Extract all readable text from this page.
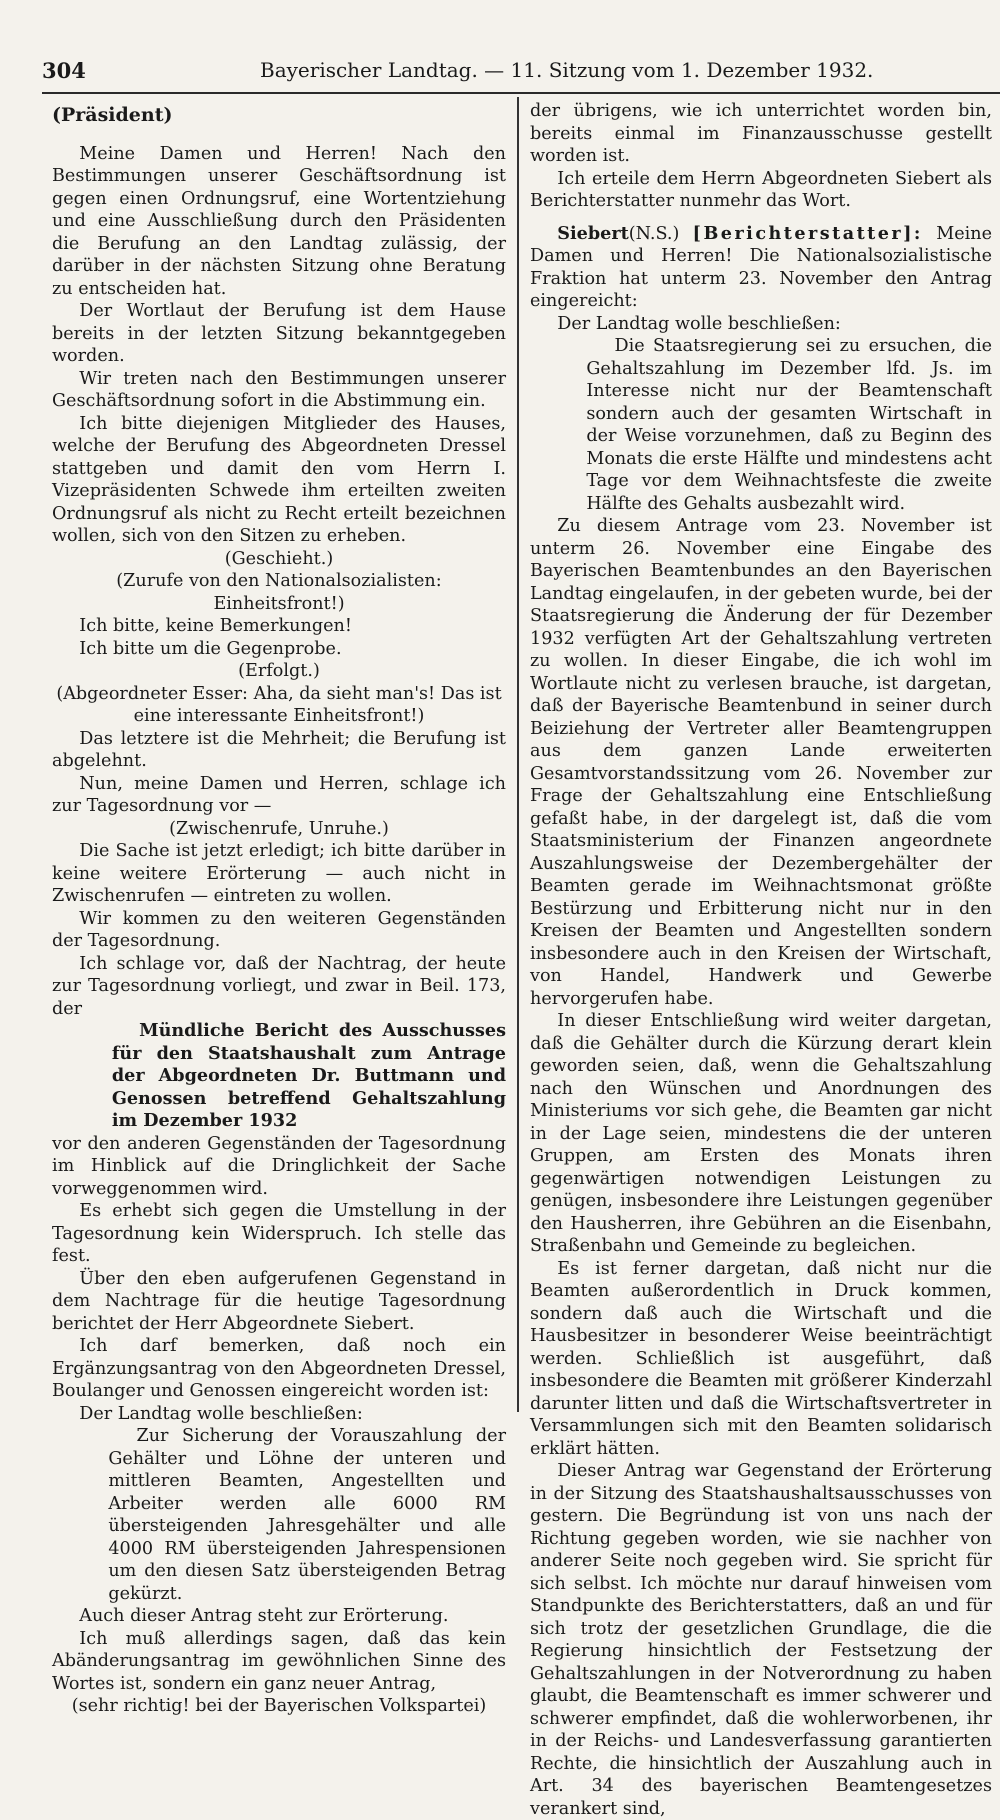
304	Bayerischer Landtag. — 11. Sitzung vom 1. Dezember 1932.

(Präsident)

Meine Damen und Herren! Nach den Bestimmungen unserer Geschäftsordnung ist gegen einen Ordnungsruf, eine Wortentziehung und eine Ausschließung durch den Präsidenten die Berufung an den Landtag zulässig, der darüber in der nächsten Sitzung ohne Beratung zu entscheiden hat.

Der Wortlaut der Berufung ist dem Hause bereits in der letzten Sitzung bekanntgegeben worden.

Wir treten nach den Bestimmungen unserer Geschäftsordnung sofort in die Abstimmung ein.

Ich bitte diejenigen Mitglieder des Hauses, welche der Berufung des Abgeordneten Dressel stattgeben und damit den vom Herrn I. Vizepräsidenten Schwede ihm erteilten zweiten Ordnungsruf als nicht zu Recht erteilt bezeichnen wollen, sich von den Sitzen zu erheben.

(Geschieht.)

(Zurufe von den Nationalsozialisten: Einheitsfront!)

Ich bitte, keine Bemerkungen!

Ich bitte um die Gegenprobe.

(Erfolgt.)

(Abgeordneter Esser: Aha, da sieht man's! Das ist eine interessante Einheitsfront!)

Das letztere ist die Mehrheit; die Berufung ist abgelehnt.

Nun, meine Damen und Herren, schlage ich zur Tagesordnung vor —

(Zwischenrufe, Unruhe.)

Die Sache ist jetzt erledigt; ich bitte darüber in keine weitere Erörterung — auch nicht in Zwischenrufen — eintreten zu wollen.

Wir kommen zu den weiteren Gegenständen der Tagesordnung.

Ich schlage vor, daß der Nachtrag, der heute zur Tagesordnung vorliegt, und zwar in Beil. 173, der

Mündliche Bericht des Ausschusses für den Staatshaushalt zum Antrage der Abgeordneten Dr. Buttmann und Genossen betreffend Gehaltszahlung im Dezember 1932

vor den anderen Gegenständen der Tagesordnung im Hinblick auf die Dringlichkeit der Sache vorweggenommen wird.

Es erhebt sich gegen die Umstellung in der Tagesordnung kein Widerspruch. Ich stelle das fest.

Über den eben aufgerufenen Gegenstand in dem Nachtrage für die heutige Tagesordnung berichtet der Herr Abgeordnete Siebert.

Ich darf bemerken, daß noch ein Ergänzungsantrag von den Abgeordneten Dressel, Boulanger und Genossen eingereicht worden ist:

Der Landtag wolle beschließen:

Zur Sicherung der Vorauszahlung der Gehälter und Löhne der unteren und mittleren Beamten, Angestellten und Arbeiter werden alle 6000 RM übersteigenden Jahresgehälter und alle 4000 RM übersteigenden Jahrespensionen um den diesen Satz übersteigenden Betrag gekürzt.

Auch dieser Antrag steht zur Erörterung.

Ich muß allerdings sagen, daß das kein Abänderungsantrag im gewöhnlichen Sinne des Wortes ist, sondern ein ganz neuer Antrag,

(sehr richtig! bei der Bayerischen Volkspartei)

der übrigens, wie ich unterrichtet worden bin, bereits einmal im Finanzausschusse gestellt worden ist.

Ich erteile dem Herrn Abgeordneten Siebert als Berichterstatter nunmehr das Wort.

Siebert(N.S.) [Berichterstatter]: Meine Damen und Herren! Die Nationalsozialistische Fraktion hat unterm 23. November den Antrag eingereicht:

Der Landtag wolle beschließen:

Die Staatsregierung sei zu ersuchen, die Gehaltszahlung im Dezember lfd. Js. im Interesse nicht nur der Beamtenschaft sondern auch der gesamten Wirtschaft in der Weise vorzunehmen, daß zu Beginn des Monats die erste Hälfte und mindestens acht Tage vor dem Weihnachtsfeste die zweite Hälfte des Gehalts ausbezahlt wird.

Zu diesem Antrage vom 23. November ist unterm 26. November eine Eingabe des Bayerischen Beamtenbundes an den Bayerischen Landtag eingelaufen, in der gebeten wurde, bei der Staatsregierung die Änderung der für Dezember 1932 verfügten Art der Gehaltszahlung vertreten zu wollen. In dieser Eingabe, die ich wohl im Wortlaute nicht zu verlesen brauche, ist dargetan, daß der Bayerische Beamtenbund in seiner durch Beiziehung der Vertreter aller Beamtengruppen aus dem ganzen Lande erweiterten Gesamtvorstandssitzung vom 26. November zur Frage der Gehaltszahlung eine Entschließung gefaßt habe, in der dargelegt ist, daß die vom Staatsministerium der Finanzen angeordnete Auszahlungsweise der Dezembergehälter der Beamten gerade im Weihnachtsmonat größte Bestürzung und Erbitterung nicht nur in den Kreisen der Beamten und Angestellten sondern insbesondere auch in den Kreisen der Wirtschaft, von Handel, Handwerk und Gewerbe hervorgerufen habe.

In dieser Entschließung wird weiter dargetan, daß die Gehälter durch die Kürzung derart klein geworden seien, daß, wenn die Gehaltszahlung nach den Wünschen und Anordnungen des Ministeriums vor sich gehe, die Beamten gar nicht in der Lage seien, mindestens die der unteren Gruppen, am Ersten des Monats ihren gegenwärtigen notwendigen Leistungen zu genügen, insbesondere ihre Leistungen gegenüber den Hausherren, ihre Gebühren an die Eisenbahn, Straßenbahn und Gemeinde zu begleichen.

Es ist ferner dargetan, daß nicht nur die Beamten außerordentlich in Druck kommen, sondern daß auch die Wirtschaft und die Hausbesitzer in besonderer Weise beeinträchtigt werden. Schließlich ist ausgeführt, daß insbesondere die Beamten mit größerer Kinderzahl darunter litten und daß die Wirtschaftsvertreter in Versammlungen sich mit den Beamten solidarisch erklärt hätten.

Dieser Antrag war Gegenstand der Erörterung in der Sitzung des Staatshaushaltsausschusses von gestern. Die Begründung ist von uns nach der Richtung gegeben worden, wie sie nachher von anderer Seite noch gegeben wird. Sie spricht für sich selbst. Ich möchte nur darauf hinweisen vom Standpunkte des Berichterstatters, daß an und für sich trotz der gesetzlichen Grundlage, die die Regierung hinsichtlich der Festsetzung der Gehaltszahlungen in der Notverordnung zu haben glaubt, die Beamtenschaft es immer schwerer und schwerer empfindet, daß die wohlerworbenen, ihr in der Reichs- und Landesverfassung garantierten Rechte, die hinsichtlich der Auszahlung auch in Art. 34 des bayerischen Beamtengesetzes verankert sind,
